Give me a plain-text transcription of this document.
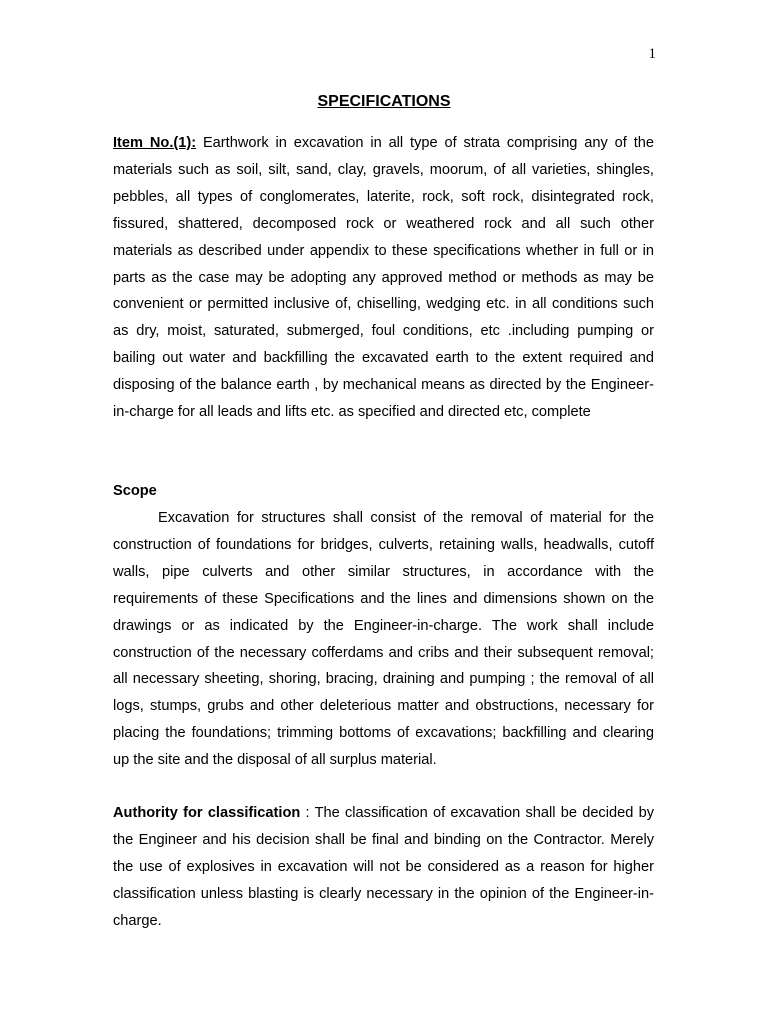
1
SPECIFICATIONS

Item No.(1): Earthwork in excavation in all type of strata comprising any of the materials such as soil, silt, sand, clay, gravels, moorum, of all varieties, shingles, pebbles, all types of conglomerates, laterite, rock, soft rock, disintegrated rock, fissured, shattered, decomposed rock or weathered rock and all such other materials as described under appendix to these specifications whether in full or in parts as the case may be adopting any approved method or methods as may be convenient or permitted inclusive of, chiselling, wedging etc. in all conditions such as dry, moist, saturated, submerged, foul conditions, etc .including pumping or bailing out water and backfilling the excavated earth to the extent required and disposing of the balance earth , by mechanical means as directed by the Engineer-in-charge for all leads and lifts etc. as specified and directed etc, complete

Scope

Excavation for structures shall consist of the removal of material for the construction of foundations for bridges, culverts, retaining walls, headwalls, cutoff walls, pipe culverts and other similar structures, in accordance with the requirements of these Specifications and the lines and dimensions shown on the drawings or as indicated by the Engineer-in-charge. The work shall include construction of the necessary cofferdams and cribs and their subsequent removal; all necessary sheeting, shoring, bracing, draining and pumping ; the removal of all logs, stumps, grubs and other deleterious matter and obstructions, necessary for placing the foundations; trimming bottoms of excavations; backfilling and clearing up the site and the disposal of all surplus material.

Authority for classification : The classification of excavation shall be decided by the Engineer and his decision shall be final and binding on the Contractor. Merely the use of explosives in excavation will not be considered as a reason for higher classification unless blasting is clearly necessary in the opinion of the Engineer-in-charge.
